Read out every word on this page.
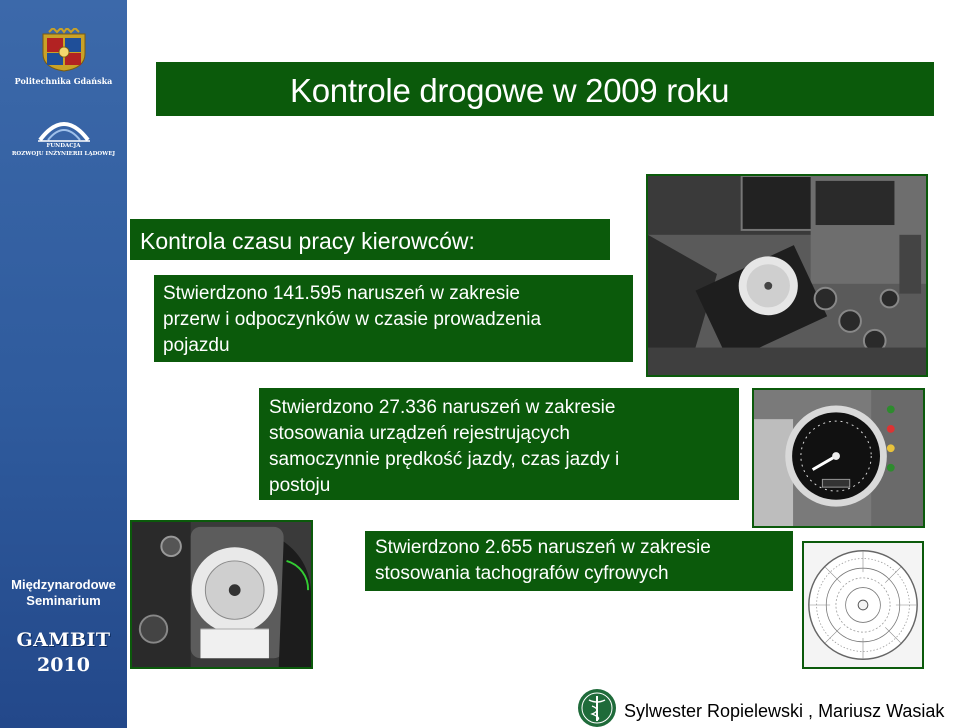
Politechnika Gdańska
FUNDACJA
ROZWOJU INŻYNIERII LĄDOWEJ
Międzynarodowe
Seminarium
GAMBIT
2010
Kontrole drogowe w 2009 roku
Kontrola czasu pracy kierowców:
Stwierdzono 141.595 naruszeń w zakresie
przerw i odpoczynków w czasie prowadzenia
pojazdu
Stwierdzono 27.336 naruszeń w zakresie
stosowania urządzeń rejestrujących
samoczynnie prędkość jazdy, czas jazdy i
postoju
Stwierdzono 2.655 naruszeń w zakresie
stosowania tachografów cyfrowych
Sylwester Ropielewski , Mariusz Wasiak
